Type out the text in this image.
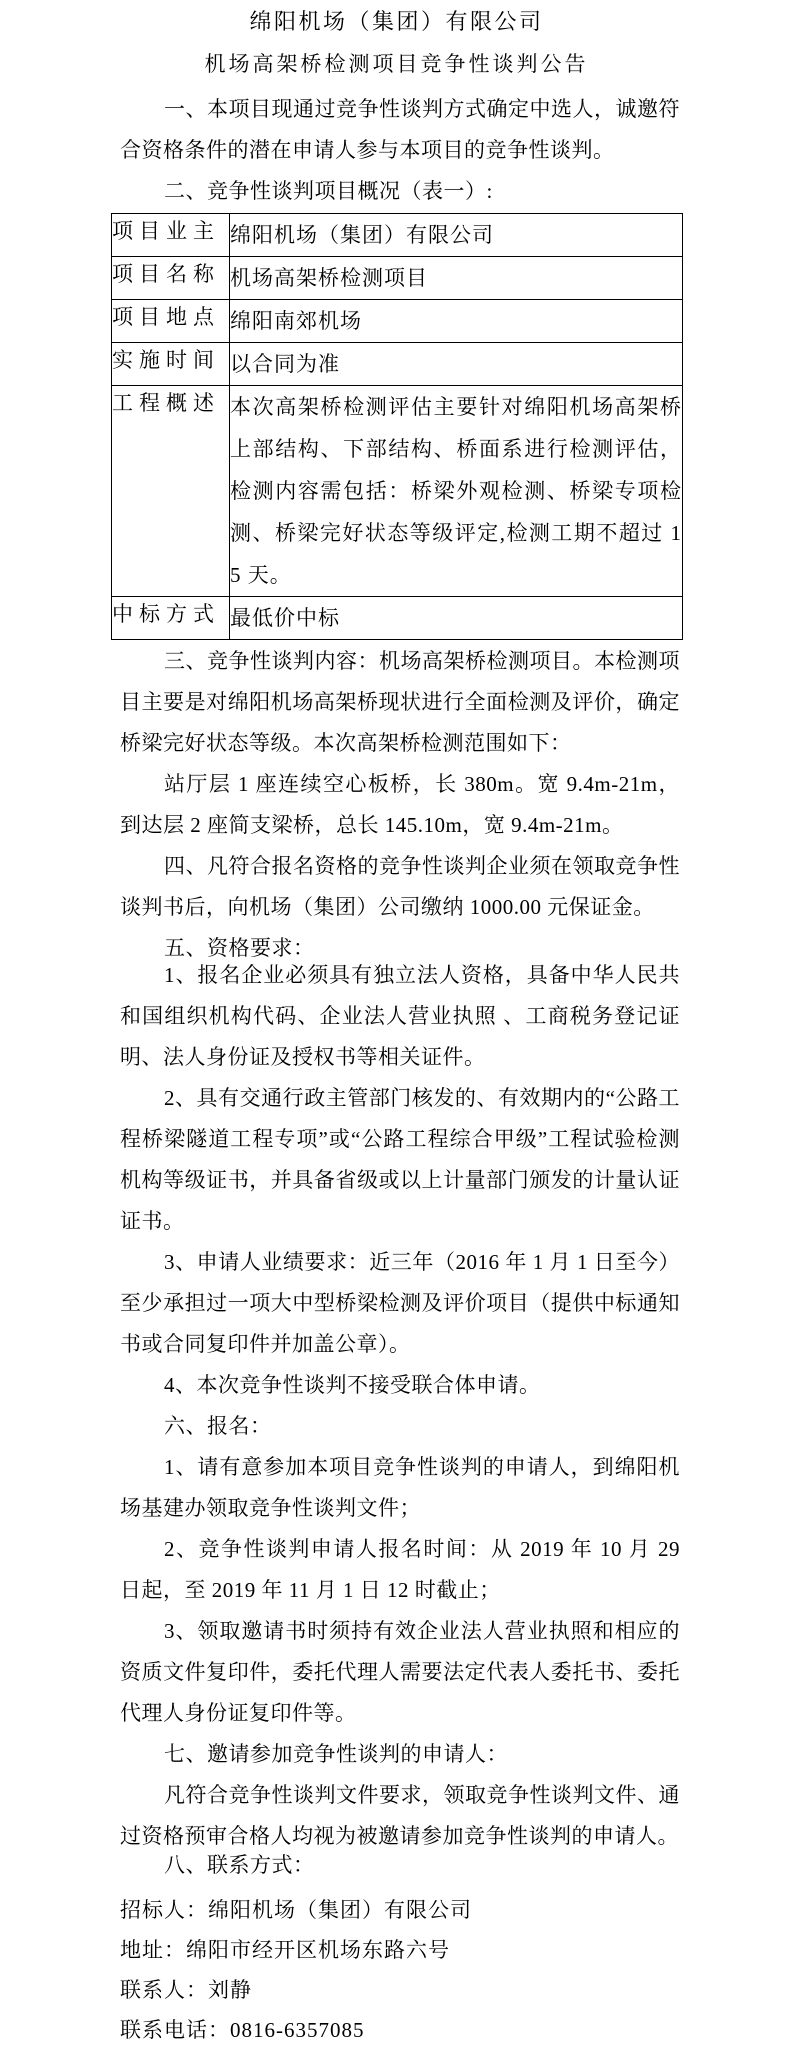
绵阳机场（集团）有限公司
机场高架桥检测项目竞争性谈判公告

一、本项目现通过竞争性谈判方式确定中选人，诚邀符合资格条件的潜在申请人参与本项目的竞争性谈判。

二、竞争性谈判项目概况（表一）:

项目业主	绵阳机场（集团）有限公司
项目名称	机场高架桥检测项目
项目地点	绵阳南郊机场
实施时间	以合同为准
工程概述	本次高架桥检测评估主要针对绵阳机场高架桥上部结构、下部结构、桥面系进行检测评估，检测内容需包括：桥梁外观检测、桥梁专项检测、桥梁完好状态等级评定,检测工期不超过 15 天。
中标方式	最低价中标

三、竞争性谈判内容：机场高架桥检测项目。本检测项目主要是对绵阳机场高架桥现状进行全面检测及评价，确定桥梁完好状态等级。本次高架桥检测范围如下：

站厅层 1 座连续空心板桥，长 380m。宽 9.4m-21m，到达层 2 座简支梁桥，总长 145.10m，宽 9.4m-21m。

四、凡符合报名资格的竞争性谈判企业须在领取竞争性谈判书后，向机场（集团）公司缴纳 1000.00 元保证金。

五、资格要求：

1、报名企业必须具有独立法人资格，具备中华人民共和国组织机构代码、企业法人营业执照 、工商税务登记证明、法人身份证及授权书等相关证件。

2、具有交通行政主管部门核发的、有效期内的“公路工程桥梁隧道工程专项”或“公路工程综合甲级”工程试验检测机构等级证书，并具备省级或以上计量部门颁发的计量认证证书。

3、申请人业绩要求：近三年（2016 年 1 月 1 日至今）至少承担过一项大中型桥梁检测及评价项目（提供中标通知书或合同复印件并加盖公章）。

4、本次竞争性谈判不接受联合体申请。

六、报名：

1、请有意参加本项目竞争性谈判的申请人，到绵阳机场基建办领取竞争性谈判文件；

2、竞争性谈判申请人报名时间：从 2019 年 10 月 29 日起，至 2019 年 11 月 1 日 12 时截止；

3、领取邀请书时须持有效企业法人营业执照和相应的资质文件复印件，委托代理人需要法定代表人委托书、委托代理人身份证复印件等。

七、邀请参加竞争性谈判的申请人：

凡符合竞争性谈判文件要求，领取竞争性谈判文件、通过资格预审合格人均视为被邀请参加竞争性谈判的申请人。

八、联系方式：

招标人：绵阳机场（集团）有限公司

地址：绵阳市经开区机场东路六号

联系人：刘静

联系电话：0816-6357085
